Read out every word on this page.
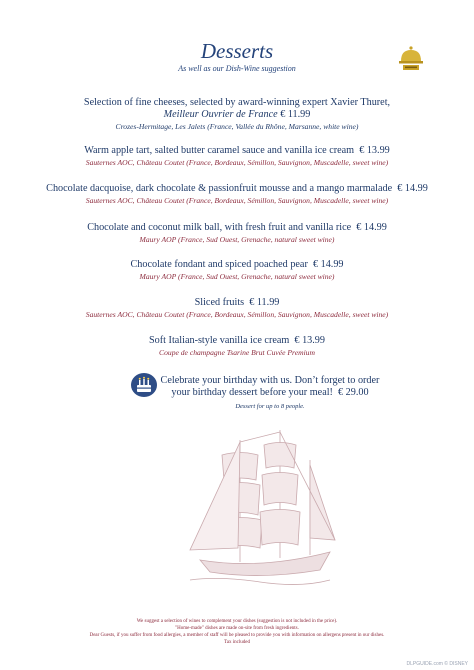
Desserts
As well as our Dish-Wine suggestion
Selection of fine cheeses, selected by award-winning expert Xavier Thuret,
Meilleur Ouvrier de France € 11.99
Crozes-Hermitage, Les Jalets (France, Vallée du Rhône, Marsanne, white wine)
Warm apple tart, salted butter caramel sauce and vanilla ice cream € 13.99
Sauternes AOC, Château Coutet (France, Bordeaux, Sémillon, Sauvignon, Muscadelle, sweet wine)
Chocolate dacquoise, dark chocolate & passionfruit mousse and a mango marmalade € 14.99
Sauternes AOC, Château Coutet (France, Bordeaux, Sémillon, Sauvignon, Muscadelle, sweet wine)
Chocolate and coconut milk ball, with fresh fruit and vanilla rice € 14.99
Maury AOP (France, Sud Ouest, Grenache, natural sweet wine)
Chocolate fondant and spiced poached pear € 14.99
Maury AOP (France, Sud Ouest, Grenache, natural sweet wine)
Sliced fruits € 11.99
Sauternes AOC, Château Coutet (France, Bordeaux, Sémillon, Sauvignon, Muscadelle, sweet wine)
Soft Italian-style vanilla ice cream € 13.99
Coupe de champagne Tsarine Brut Cuvée Premium
Celebrate your birthday with us. Don’t forget to order
your birthday dessert before your meal! € 29.00
Dessert for up to 8 people.
We suggest a selection of wines to complement your dishes (suggestion is not included in the price).
"Home-made" dishes are made on-site from fresh ingredients.
Dear Guests, if you suffer from food allergies, a member of staff will be pleased to provide you with information on allergens present in our dishes.
Tax included
DLPGUIDE.com © DISNEY
